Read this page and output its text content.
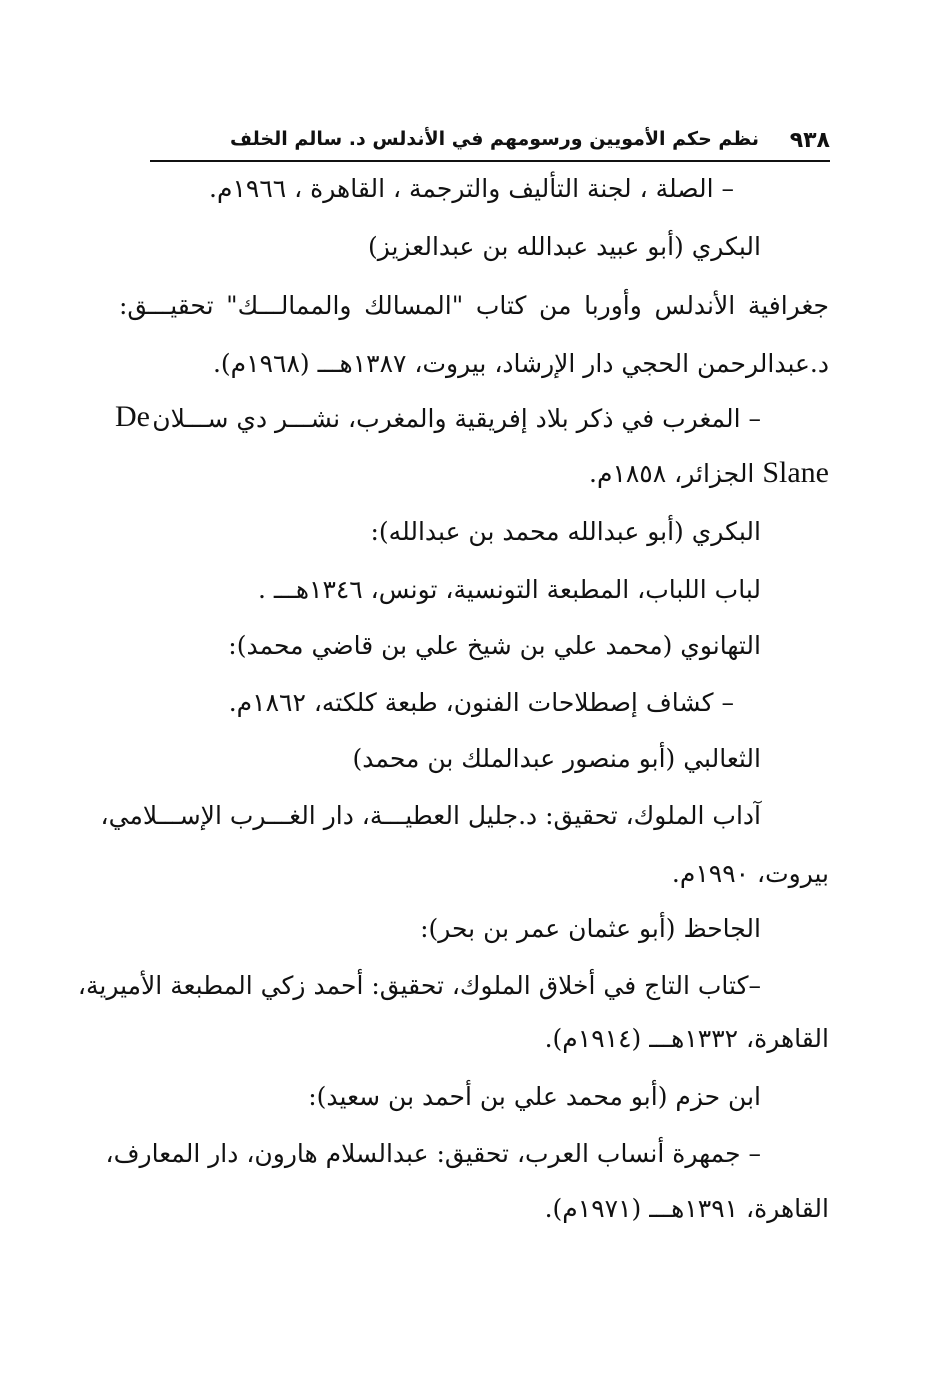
٩٣٨
نظم حكم الأمويين ورسومهم في الأندلس د. سالم الخلف
– الصلة ، لجنة التأليف والترجمة ، القاهرة ، ١٩٦٦م.
البكري (أبو عبيد عبدالله بن عبدالعزيز)
جغرافية الأندلس وأوربا من كتاب "المسالك والممالـــك" تحقيـــق:
د.عبدالرحمن الحجي دار الإرشاد، بيروت، ١٣٨٧هـــ (١٩٦٨م).
– المغرب في ذكر بلاد إفريقية والمغرب، نشـــر دي ســـلان
De
Slane الجزائر، ١٨٥٨م.
البكري (أبو عبدالله محمد بن عبدالله):
لباب اللباب، المطبعة التونسية، تونس، ١٣٤٦هـــ .
التهانوي (محمد علي بن شيخ علي بن قاضي محمد):
– كشاف إصطلاحات الفنون، طبعة كلكته، ١٨٦٢م.
الثعالبي (أبو منصور عبدالملك بن محمد)
آداب الملوك، تحقيق: د.جليل العطيـــة، دار الغـــرب الإســـلامي،
بيروت، ١٩٩٠م.
الجاحظ (أبو عثمان عمر بن بحر):
–كتاب التاج في أخلاق الملوك، تحقيق: أحمد زكي المطبعة الأميرية،
القاهرة، ١٣٣٢هـــ (١٩١٤م).
ابن حزم (أبو محمد علي بن أحمد بن سعيد):
– جمهرة أنساب العرب، تحقيق: عبدالسلام هارون، دار المعارف،
القاهرة، ١٣٩١هـــ (١٩٧١م).
